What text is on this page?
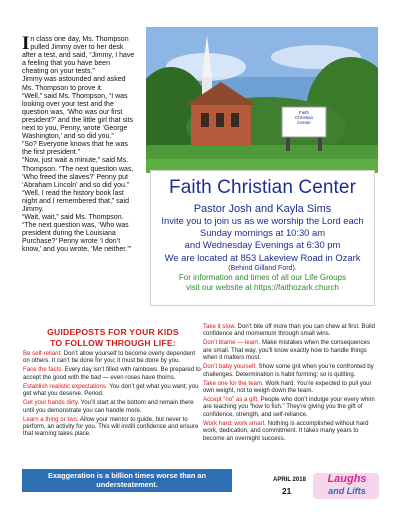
In class one day, Ms. Thompson pulled Jimmy over to her desk after a test, and said, “Jimmy, I have a feeling that you have been cheating on your tests.”

Jimmy was astounded and asked Ms. Thompson to prove it.

“Well,” said Ms. Thompson, “I was looking over your test and the question was, ‘Who was our first president?’ and the little girl that sits next to you, Penny, wrote ‘George Washington,’ and so did you.”

“So? Everyone knows that he was the first president.”

“Now, just wait a minute,” said Ms. Thompson. “The next question was, ‘Who freed the slaves?’ Penny put ‘Abraham Lincoln’ and so did you.”

“Well, I read the history book last night and I remembered that,” said Jimmy.

“Wait, wait,” said Ms. Thompson. “The next question was, ‘Who was president during the Louisiana Purchase?’ Penny wrote ‘I don’t know,’ and you wrote, ‘Me neither.’”

Faith
Christian
Center
Faith Christian Center
Pastor Josh and Kayla Sims
Invite you to join us as we worship the Lord each
Sunday mornings at 10:30 am
and Wednesday Evenings at 6:30 pm
We are located at 853 Lakeview Road in Ozark
(Behind Gilland Ford).
For information and times of all our Life Groups
visit our website at https://faithozark.church
GUIDEPOSTS FOR YOUR KIDS
TO FOLLOW THROUGH LIFE:
Be self-reliant. Don’t allow yourself to become overly dependent on others. It can’t be done for you; it must be done by you.
Face the facts. Every day isn’t filled with rainbows. Be prepared to accept the good with the bad — even roses have thorns.
Establish realistic expectations. You don’t get what you want; you get what you deserve. Period.
Get your hands dirty. You’ll start at the bottom and remain there until you demonstrate you can handle more.
Learn a thing or two. Allow your mentor to guide, but never to perform, an activity for you. This will instill confidence and ensure that learning takes place.
Take it slow. Don’t bite off more than you can chew at first. Build confidence and momentum through small wins.
Don’t blame — learn. Make mistakes when the consequences are small. That way, you’ll know exactly how to handle things when it matters most.
Don’t baby yourself. Show some grit when you’re confronted by challenges. Determination is habit forming; so is quitting.
Take one for the team. Work hard. You’re expected to pull your own weight, not to weigh down the team.
Accept “no” as a gift. People who don’t indulge your every whim are teaching you “how to fish.” They’re giving you the gift of confidence, strength, and self-reliance.
Work hard; work smart. Nothing is accomplished without hard work, dedication, and commitment. It takes many years to become an overnight success.
Exaggeration is a billion times worse than an
understeatement.	APRIL 2018
21
Laughs
and Lifts
